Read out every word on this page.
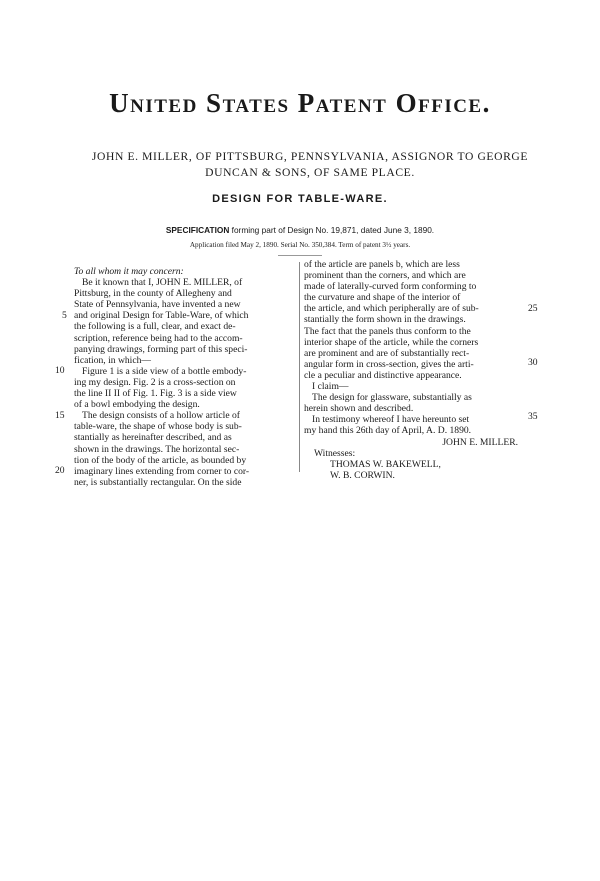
United States Patent Office.
JOHN E. MILLER, OF PITTSBURG, PENNSYLVANIA, ASSIGNOR TO GEORGE
DUNCAN & SONS, OF SAME PLACE.
DESIGN FOR TABLE-WARE.
SPECIFICATION forming part of Design No. 19,871, dated June 3, 1890.
Application filed May 2, 1890. Serial No. 350,384. Term of patent 3½ years.
To all whom it may concern:
Be it known that I, JOHN E. MILLER, of
Pittsburg, in the county of Allegheny and
State of Pennsylvania, have invented a new
and original Design for Table-Ware, of which
the following is a full, clear, and exact de-
scription, reference being had to the accom-
panying drawings, forming part of this speci-
fication, in which—
Figure 1 is a side view of a bottle embody-
ing my design. Fig. 2 is a cross-section on
the line II II of Fig. 1. Fig. 3 is a side view
of a bowl embodying the design.
The design consists of a hollow article of
table-ware, the shape of whose body is sub-
stantially as hereinafter described, and as
shown in the drawings. The horizontal sec-
tion of the body of the article, as bounded by
imaginary lines extending from corner to cor-
ner, is substantially rectangular. On the side
of the article are panels b, which are less
prominent than the corners, and which are
made of laterally-curved form conforming to
the curvature and shape of the interior of
the article, and which peripherally are of sub-
stantially the form shown in the drawings.
The fact that the panels thus conform to the
interior shape of the article, while the corners
are prominent and are of substantially rect-
angular form in cross-section, gives the arti-
cle a peculiar and distinctive appearance.
I claim—
The design for glassware, substantially as
herein shown and described.
In testimony whereof I have hereunto set
my hand this 26th day of April, A. D. 1890.
JOHN E. MILLER.
Witnesses:
THOMAS W. BAKEWELL,
W. B. CORWIN.
5
10
15
20
25
30
35
